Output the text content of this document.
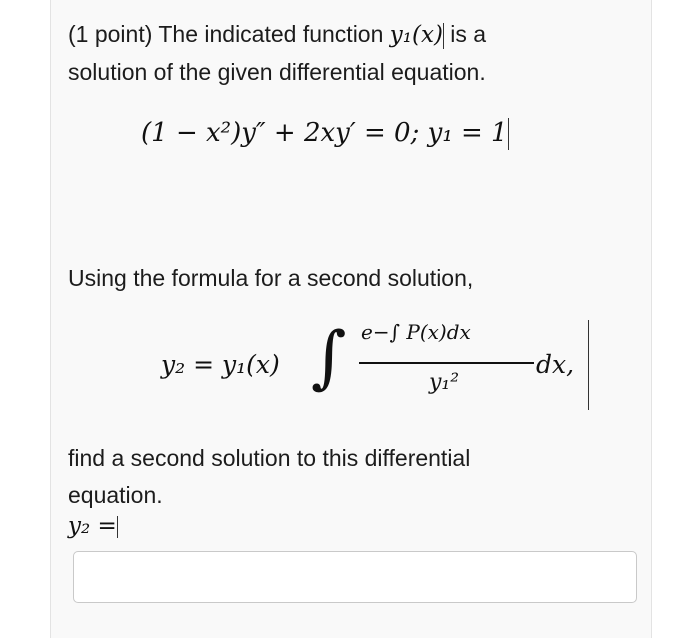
(1 point) The indicated function y₁(x) is a
solution of the given differential equation.

(1 − x²)y″ + 2xy′ = 0; y₁ = 1

Using the formula for a second solution,

y₂ = y₁(x) ∫ e−∫ P(x)dx
y₁²
dx,

find a second solution to this differential
equation.

y₂ =
